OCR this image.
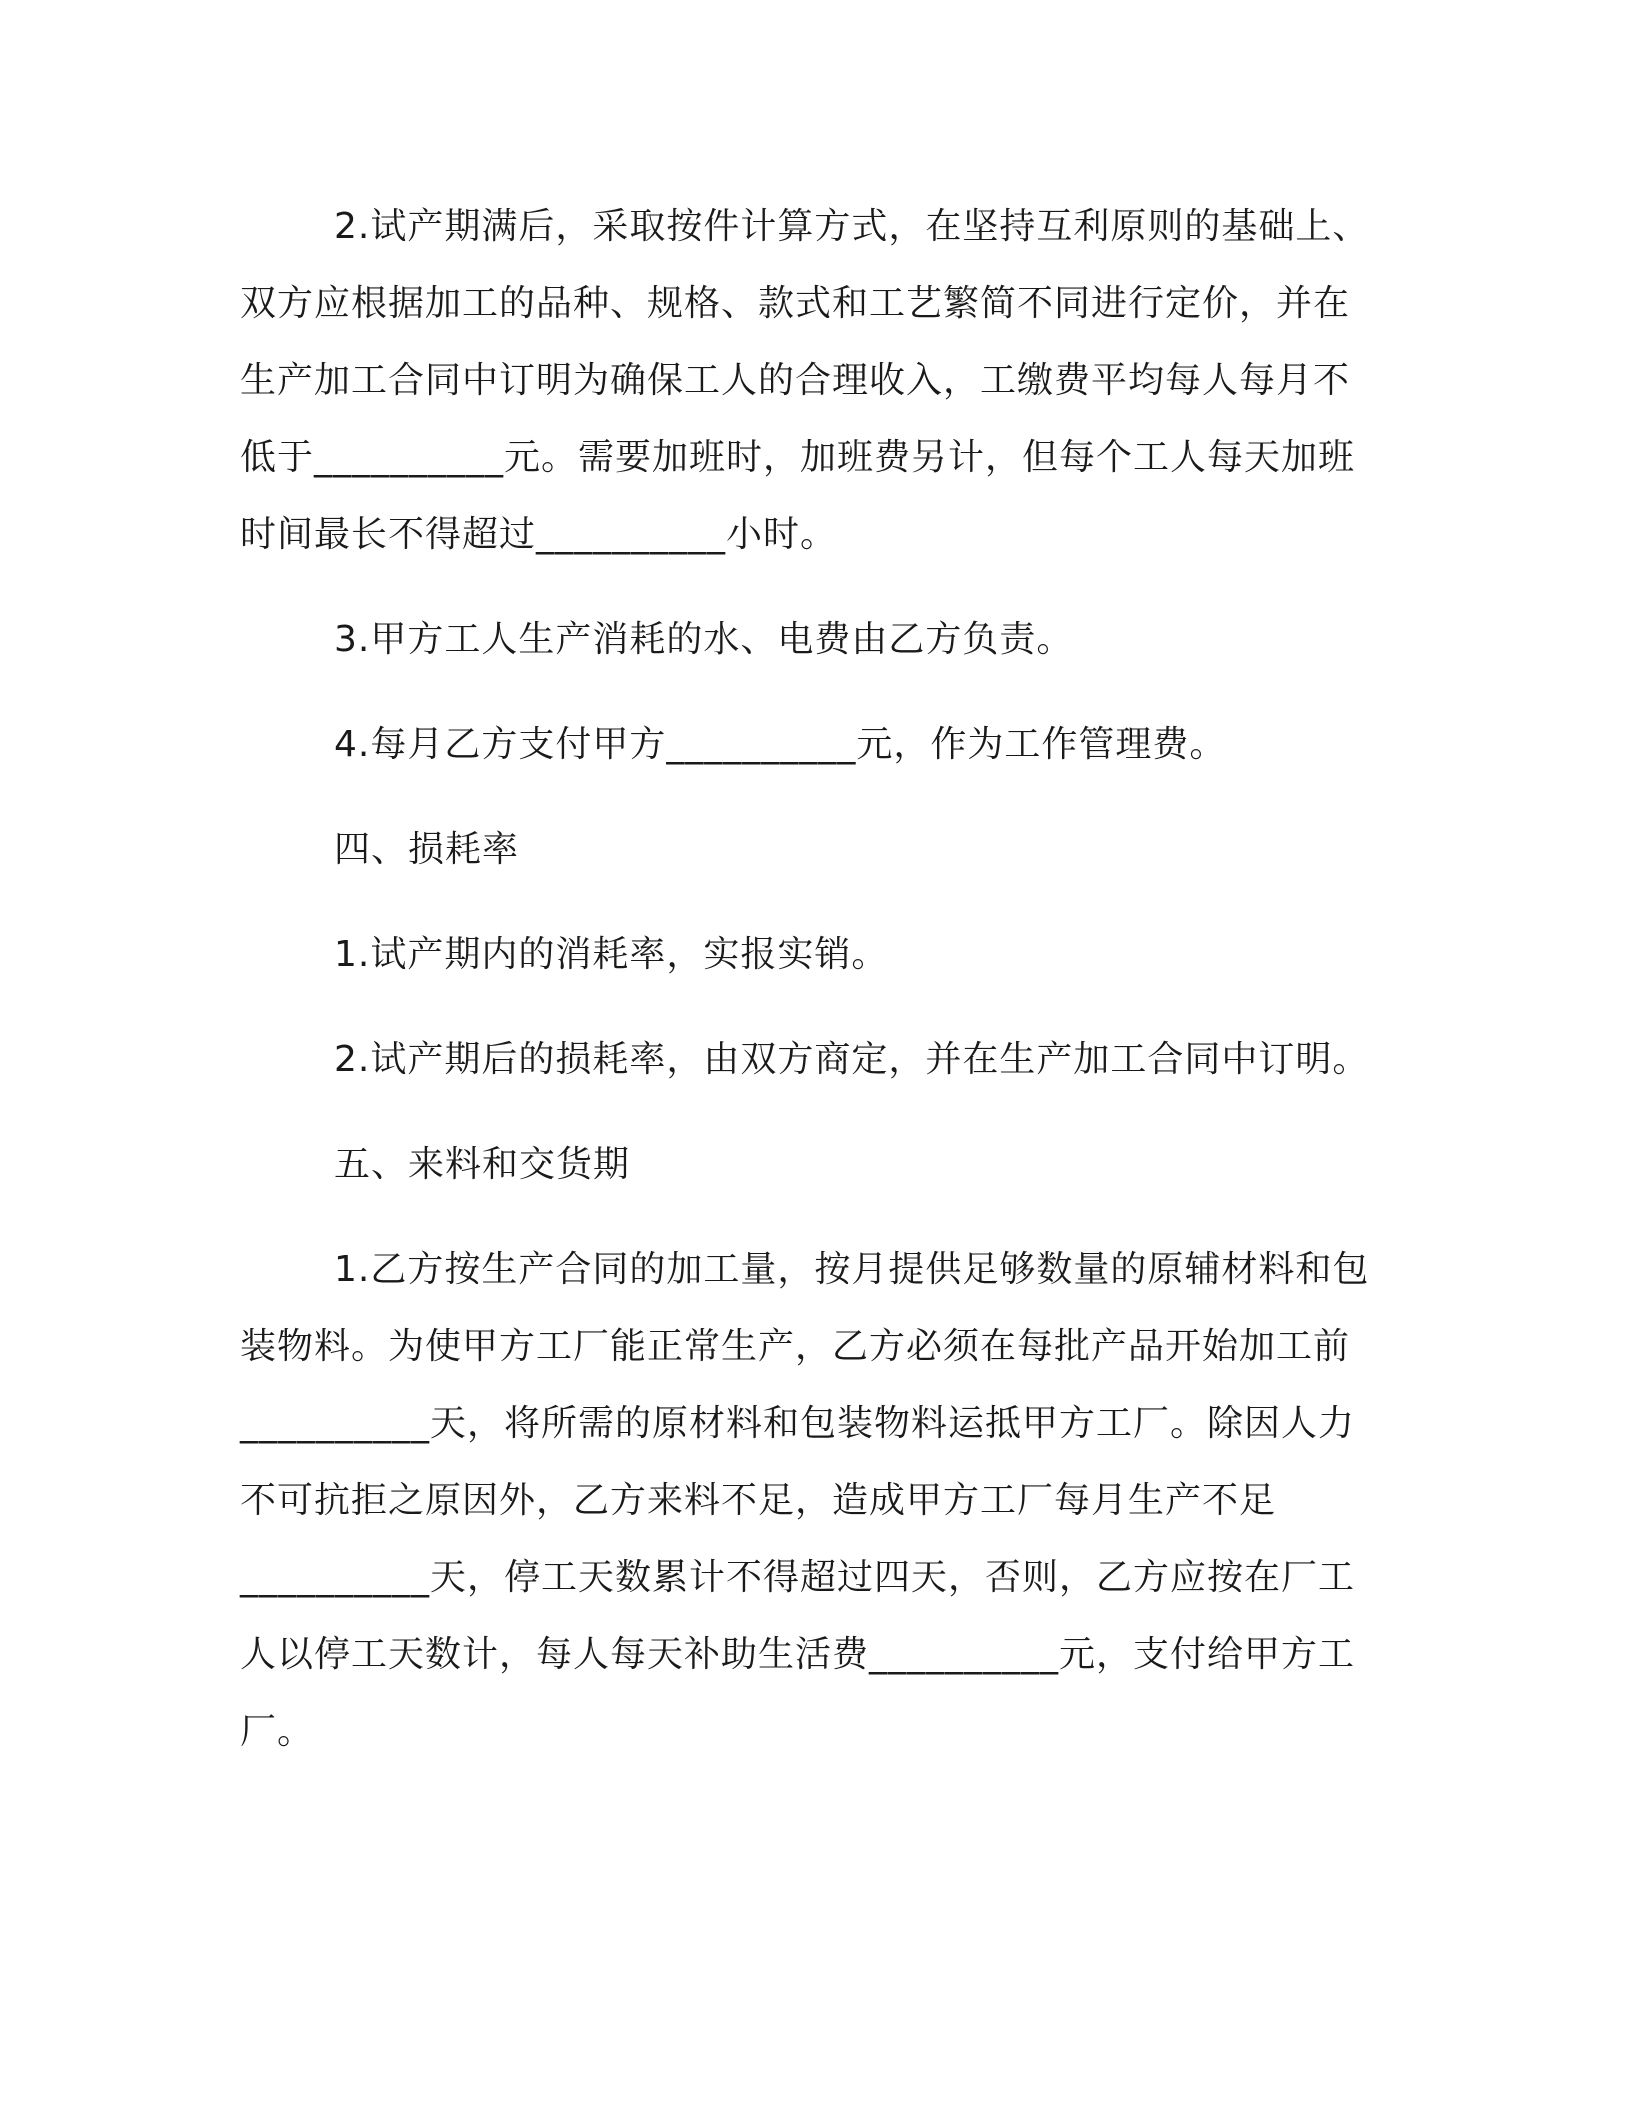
2.试产期满后，采取按件计算方式，在坚持互利原则的基础上、双方应根据加工的品种、规格、款式和工艺繁简不同进行定价，并在生产加工合同中订明为确保工人的合理收入，工缴费平均每人每月不低于__________元。需要加班时，加班费另计，但每个工人每天加班时间最长不得超过__________小时。

3.甲方工人生产消耗的水、电费由乙方负责。

4.每月乙方支付甲方__________元，作为工作管理费。

四、损耗率

1.试产期内的消耗率，实报实销。

2.试产期后的损耗率，由双方商定，并在生产加工合同中订明。

五、来料和交货期

1.乙方按生产合同的加工量，按月提供足够数量的原辅材料和包装物料。为使甲方工厂能正常生产，乙方必须在每批产品开始加工前__________天，将所需的原材料和包装物料运抵甲方工厂。除因人力不可抗拒之原因外，乙方来料不足，造成甲方工厂每月生产不足__________天，停工天数累计不得超过四天，否则，乙方应按在厂工人以停工天数计，每人每天补助生活费__________元，支付给甲方工厂。
